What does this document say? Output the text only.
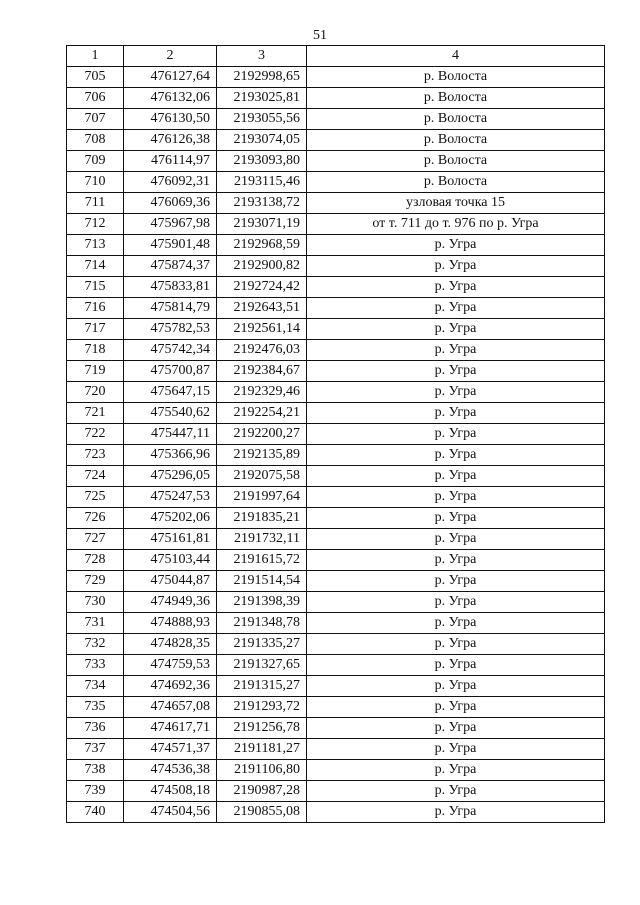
51
1	2	3	4
705	476127,64	2192998,65	р. Волоста
706	476132,06	2193025,81	р. Волоста
707	476130,50	2193055,56	р. Волоста
708	476126,38	2193074,05	р. Волоста
709	476114,97	2193093,80	р. Волоста
710	476092,31	2193115,46	р. Волоста
711	476069,36	2193138,72	узловая точка 15
712	475967,98	2193071,19	от т. 711 до т. 976 по р. Угра
713	475901,48	2192968,59	р. Угра
714	475874,37	2192900,82	р. Угра
715	475833,81	2192724,42	р. Угра
716	475814,79	2192643,51	р. Угра
717	475782,53	2192561,14	р. Угра
718	475742,34	2192476,03	р. Угра
719	475700,87	2192384,67	р. Угра
720	475647,15	2192329,46	р. Угра
721	475540,62	2192254,21	р. Угра
722	475447,11	2192200,27	р. Угра
723	475366,96	2192135,89	р. Угра
724	475296,05	2192075,58	р. Угра
725	475247,53	2191997,64	р. Угра
726	475202,06	2191835,21	р. Угра
727	475161,81	2191732,11	р. Угра
728	475103,44	2191615,72	р. Угра
729	475044,87	2191514,54	р. Угра
730	474949,36	2191398,39	р. Угра
731	474888,93	2191348,78	р. Угра
732	474828,35	2191335,27	р. Угра
733	474759,53	2191327,65	р. Угра
734	474692,36	2191315,27	р. Угра
735	474657,08	2191293,72	р. Угра
736	474617,71	2191256,78	р. Угра
737	474571,37	2191181,27	р. Угра
738	474536,38	2191106,80	р. Угра
739	474508,18	2190987,28	р. Угра
740	474504,56	2190855,08	р. Угра
